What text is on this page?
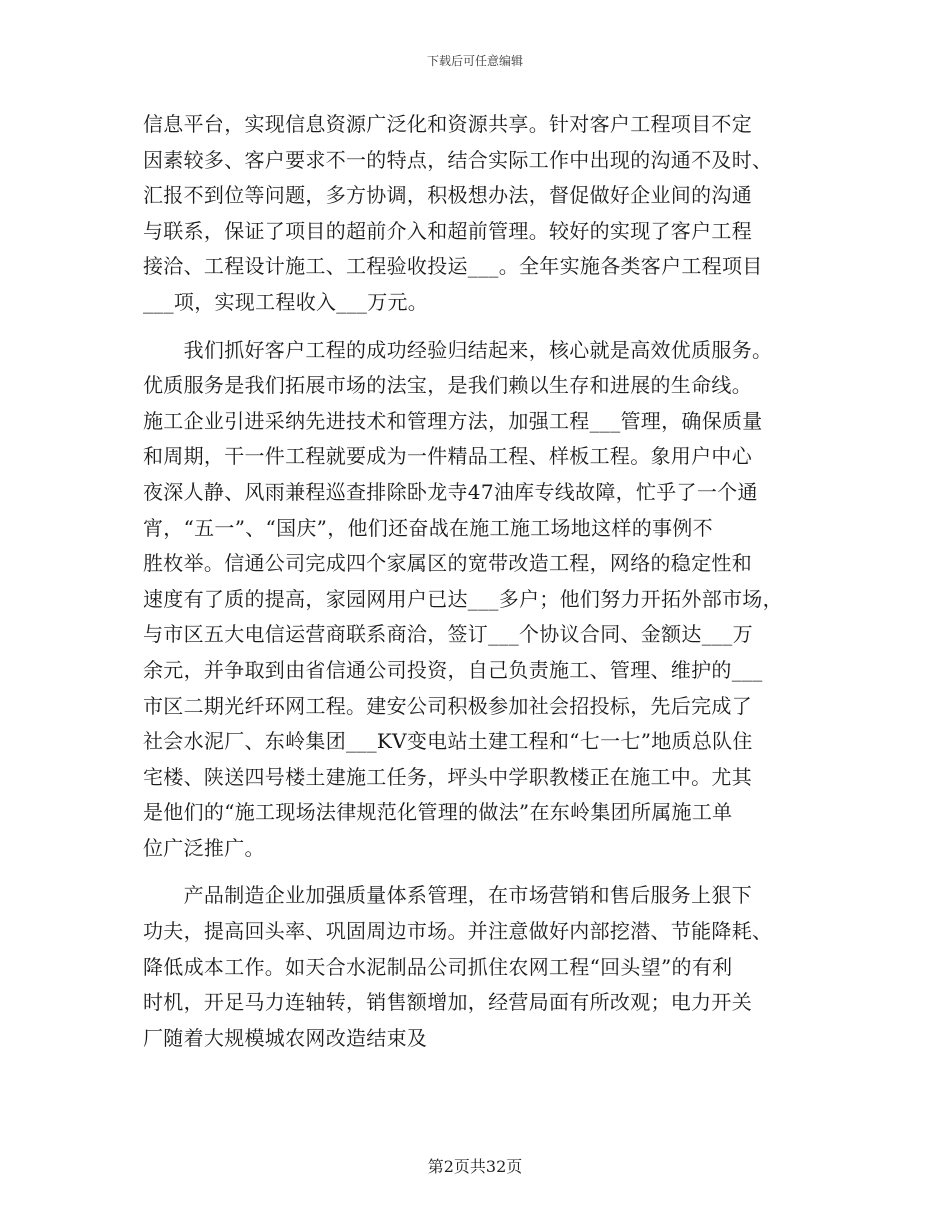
下载后可任意编辑
信息平台，实现信息资源广泛化和资源共享。针对客户工程项目不定
因素较多、客户要求不一的特点，结合实际工作中出现的沟通不及时、
汇报不到位等问题，多方协调，积极想办法，督促做好企业间的沟通
与联系，保证了项目的超前介入和超前管理。较好的实现了客户工程
接洽、工程设计施工、工程验收投运___。全年实施各类客户工程项目
___项，实现工程收入___万元。
　　我们抓好客户工程的成功经验归结起来，核心就是高效优质服务。
优质服务是我们拓展市场的法宝，是我们赖以生存和进展的生命线。
施工企业引进采纳先进技术和管理方法，加强工程___管理，确保质量
和周期，干一件工程就要成为一件精品工程、样板工程。象用户中心
夜深人静、风雨兼程巡查排除卧龙寺47油库专线故障，忙乎了一个通
宵，“五一”、“国庆”，他们还奋战在施工施工场地这样的事例不
胜枚举。信通公司完成四个家属区的宽带改造工程，网络的稳定性和
速度有了质的提高，家园网用户已达___多户；他们努力开拓外部市场，
与市区五大电信运营商联系商洽，签订___个协议合同、金额达___万
余元，并争取到由省信通公司投资，自己负责施工、管理、维护的___
市区二期光纤环网工程。建安公司积极参加社会招投标，先后完成了
社会水泥厂、东岭集团___KV变电站土建工程和“七一七”地质总队住
宅楼、陕送四号楼土建施工任务，坪头中学职教楼正在施工中。尤其
是他们的“施工现场法律规范化管理的做法”在东岭集团所属施工单
位广泛推广。
　　产品制造企业加强质量体系管理，在市场营销和售后服务上狠下
功夫，提高回头率、巩固周边市场。并注意做好内部挖潜、节能降耗、
降低成本工作。如天合水泥制品公司抓住农网工程“回头望”的有利
时机，开足马力连轴转，销售额增加，经营局面有所改观；电力开关
厂随着大规模城农网改造结束及
第2页共32页
